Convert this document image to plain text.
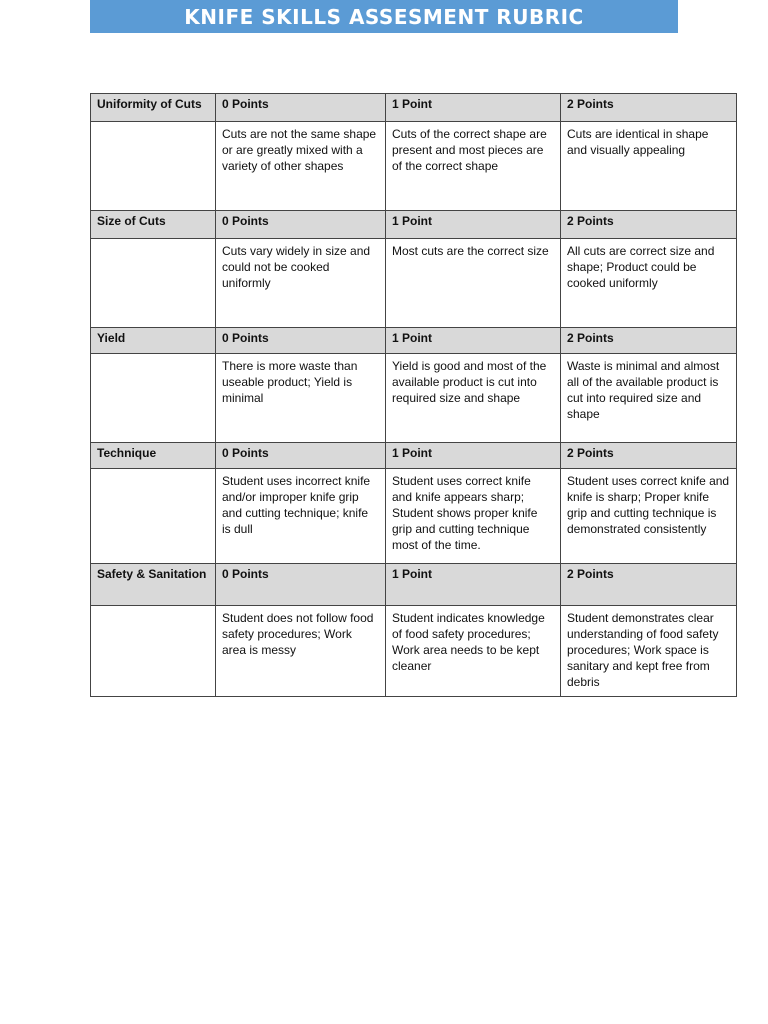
KNIFE SKILLS ASSESMENT RUBRIC
Uniformity of Cuts	0 Points	1 Point	2 Points
	Cuts are not the same shape or are greatly mixed with a variety of other shapes	Cuts of the correct shape are present and most pieces are of the correct shape	Cuts are identical in shape and visually appealing
Size of Cuts	0 Points	1 Point	2 Points
	Cuts vary widely in size and could not be cooked uniformly	Most cuts are the correct size	All cuts are correct size and shape; Product could be cooked uniformly
Yield	0 Points	1 Point	2 Points
	There is more waste than useable product; Yield is minimal	Yield is good and most of the available product is cut into required size and shape	Waste is minimal and almost all of the available product is cut into required size and shape
Technique	0 Points	1 Point	2 Points
	Student uses incorrect knife and/or improper knife grip and cutting technique; knife is dull	Student uses correct knife and knife appears sharp; Student shows proper knife grip and cutting technique most of the time.	Student uses correct knife and knife is sharp; Proper knife grip and cutting technique is demonstrated consistently
Safety & Sanitation	0 Points	1 Point	2 Points
	Student does not follow food safety procedures; Work area is messy	Student indicates knowledge of food safety procedures; Work area needs to be kept cleaner	Student demonstrates clear understanding of food safety procedures; Work space is sanitary and kept free from debris
